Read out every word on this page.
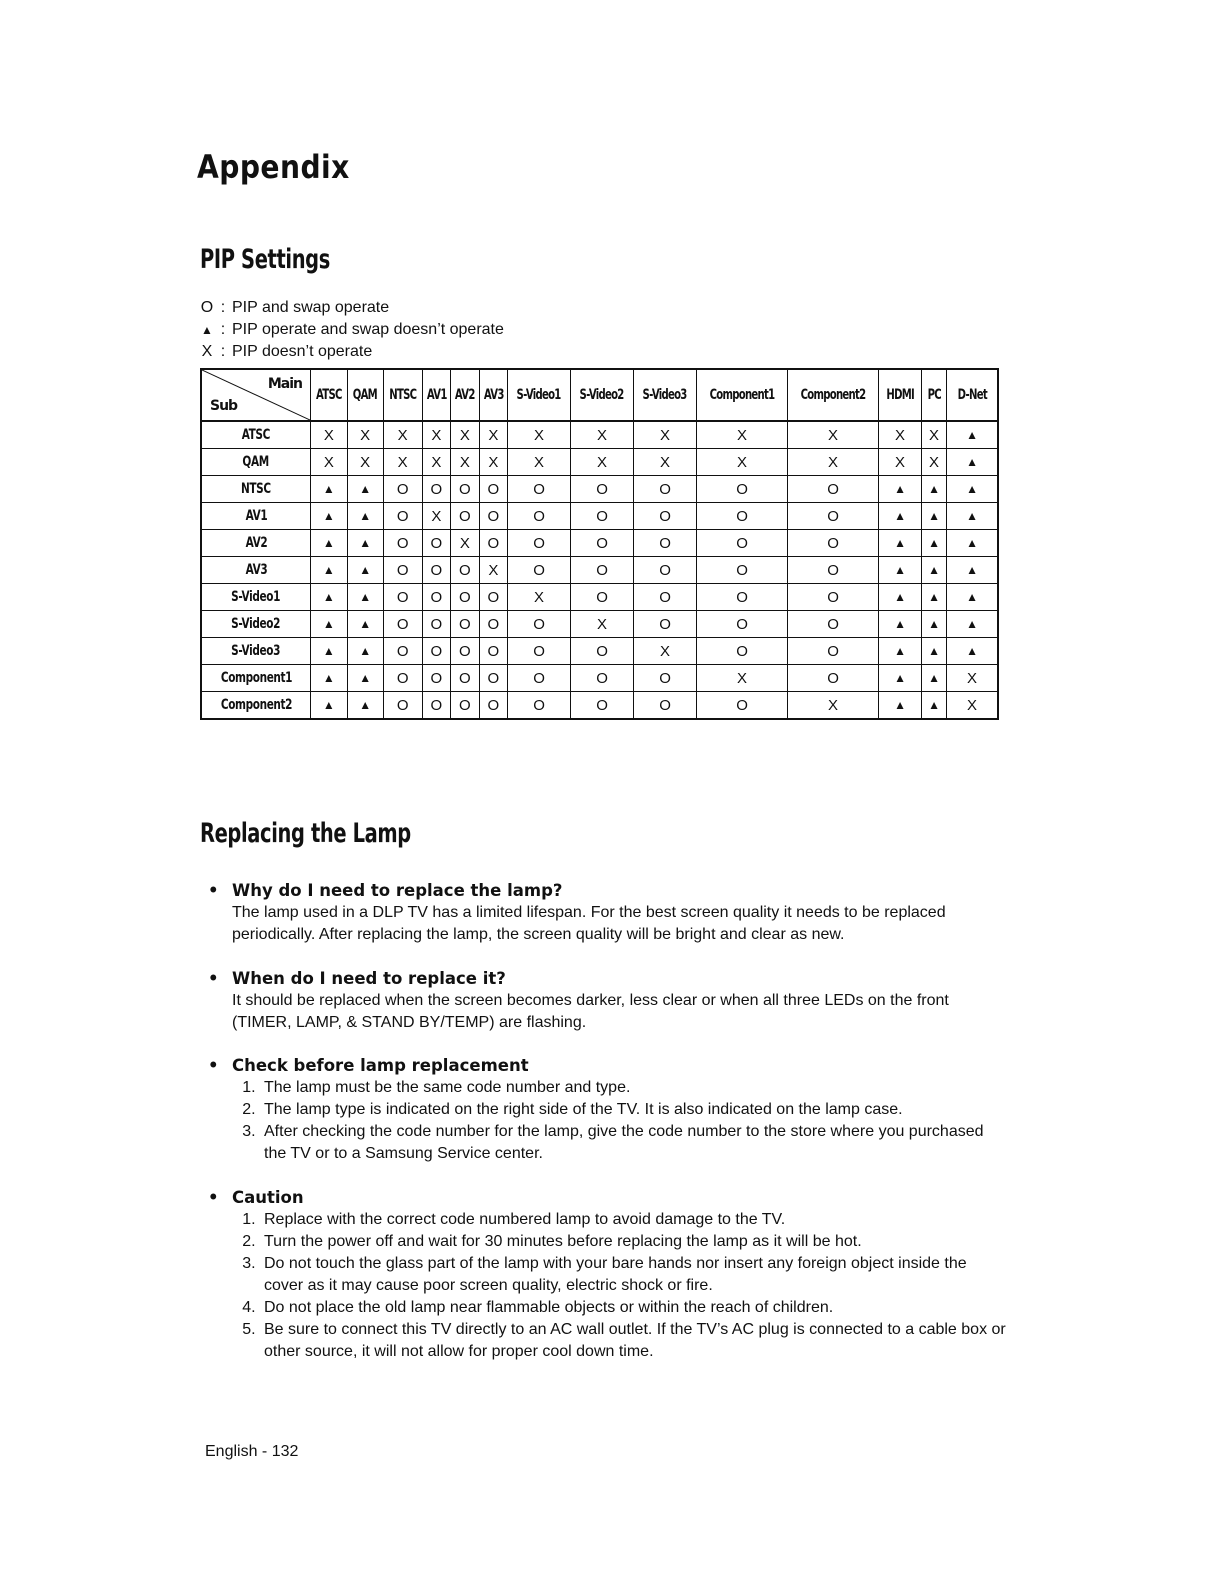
Appendix
PIP Settings
O : PIP and swap operate
▲ : PIP operate and swap doesn’t operate
X : PIP doesn’t operate
Main
Sub	ATSC	QAM	NTSC	AV1	AV2	AV3	S-Video1	S-Video2	S-Video3	Component1	Component2	HDMI	PC	D-Net
ATSC	X	X	X	X	X	X	X	X	X	X	X	X	X	▲
QAM	X	X	X	X	X	X	X	X	X	X	X	X	X	▲
NTSC	▲	▲	O	O	O	O	O	O	O	O	O	▲	▲	▲
AV1	▲	▲	O	X	O	O	O	O	O	O	O	▲	▲	▲
AV2	▲	▲	O	O	X	O	O	O	O	O	O	▲	▲	▲
AV3	▲	▲	O	O	O	X	O	O	O	O	O	▲	▲	▲
S-Video1	▲	▲	O	O	O	O	X	O	O	O	O	▲	▲	▲
S-Video2	▲	▲	O	O	O	O	O	X	O	O	O	▲	▲	▲
S-Video3	▲	▲	O	O	O	O	O	O	X	O	O	▲	▲	▲
Component1	▲	▲	O	O	O	O	O	O	O	X	O	▲	▲	X
Component2	▲	▲	O	O	O	O	O	O	O	O	X	▲	▲	X
Replacing the Lamp
• Why do I need to replace the lamp?
The lamp used in a DLP TV has a limited lifespan. For the best screen quality it needs to be replaced periodically. After replacing the lamp, the screen quality will be bright and clear as new.
• When do I need to replace it?
It should be replaced when the screen becomes darker, less clear or when all three LEDs on the front (TIMER, LAMP, & STAND BY/TEMP) are flashing.
• Check before lamp replacement
1. The lamp must be the same code number and type.
2. The lamp type is indicated on the right side of the TV. It is also indicated on the lamp case.
3. After checking the code number for the lamp, give the code number to the store where you purchased the TV or to a Samsung Service center.
• Caution
1. Replace with the correct code numbered lamp to avoid damage to the TV.
2. Turn the power off and wait for 30 minutes before replacing the lamp as it will be hot.
3. Do not touch the glass part of the lamp with your bare hands nor insert any foreign object inside the cover as it may cause poor screen quality, electric shock or fire.
4. Do not place the old lamp near flammable objects or within the reach of children.
5. Be sure to connect this TV directly to an AC wall outlet. If the TV’s AC plug is connected to a cable box or other source, it will not allow for proper cool down time.
English - 132
